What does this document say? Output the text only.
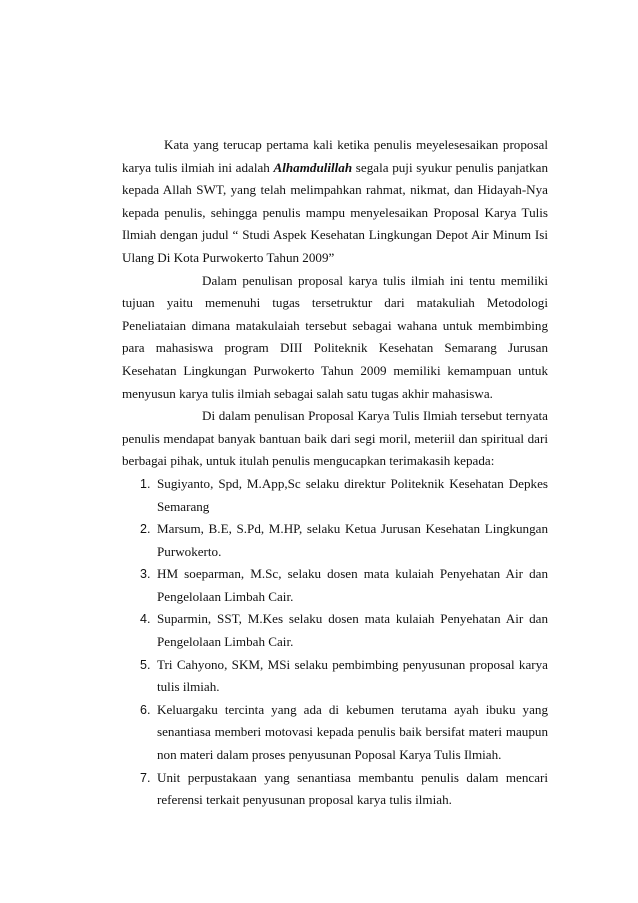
Kata yang terucap pertama kali ketika penulis meyelesesaikan proposal karya tulis ilmiah ini adalah Alhamdulillah segala puji syukur penulis panjatkan kepada Allah SWT, yang telah melimpahkan rahmat, nikmat, dan Hidayah-Nya kepada penulis, sehingga penulis mampu menyelesaikan Proposal Karya Tulis Ilmiah dengan judul “ Studi Aspek Kesehatan Lingkungan Depot Air Minum Isi Ulang Di Kota Purwokerto Tahun 2009”

Dalam penulisan proposal karya tulis ilmiah ini tentu memiliki tujuan yaitu memenuhi tugas tersetruktur dari matakuliah Metodologi Peneliataian dimana matakulaiah tersebut sebagai wahana untuk membimbing para mahasiswa program DIII Politeknik Kesehatan Semarang Jurusan Kesehatan Lingkungan Purwokerto Tahun 2009 memiliki kemampuan untuk menyusun karya tulis ilmiah sebagai salah satu tugas akhir mahasiswa.

Di dalam penulisan Proposal Karya Tulis Ilmiah tersebut ternyata penulis mendapat banyak bantuan baik dari segi moril, meteriil dan spiritual dari berbagai pihak, untuk itulah penulis mengucapkan terimakasih kepada:

1. Sugiyanto, Spd, M.App,Sc selaku direktur Politeknik Kesehatan Depkes Semarang
2. Marsum, B.E, S.Pd, M.HP, selaku Ketua Jurusan Kesehatan Lingkungan Purwokerto.
3. HM soeparman, M.Sc, selaku dosen mata kulaiah Penyehatan Air dan Pengelolaan Limbah Cair.
4. Suparmin, SST, M.Kes selaku dosen mata kulaiah Penyehatan Air dan Pengelolaan Limbah Cair.
5. Tri Cahyono, SKM, MSi selaku pembimbing penyusunan proposal karya tulis ilmiah.
6. Keluargaku tercinta yang ada di kebumen terutama ayah ibuku yang senantiasa memberi motovasi kepada penulis baik bersifat materi maupun non materi dalam proses penyusunan Poposal Karya Tulis Ilmiah.
7. Unit perpustakaan yang senantiasa membantu penulis dalam mencari referensi terkait penyusunan proposal karya tulis ilmiah.
